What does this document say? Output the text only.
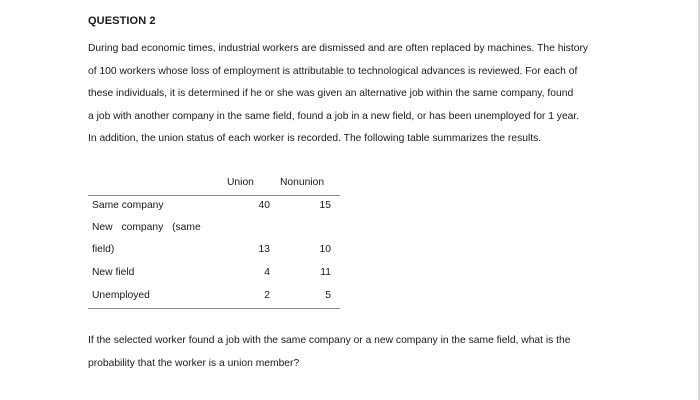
QUESTION 2
During bad economic times, industrial workers are dismissed and are often replaced by machines. The history
of 100 workers whose loss of employment is attributable to technological advances is reviewed. For each of
these individuals, it is determined if he or she was given an alternative job within the same company, found
a job with another company in the same field, found a job in a new field, or has been unemployed for 1 year.
In addition, the union status of each worker is recorded. The following table summarizes the results.
Union	Nonunion
Same company	40	15
New company (same
field)	13	10
New field	4	11
Unemployed	2	5
If the selected worker found a job with the same company or a new company in the same field, what is the
probability that the worker is a union member?
